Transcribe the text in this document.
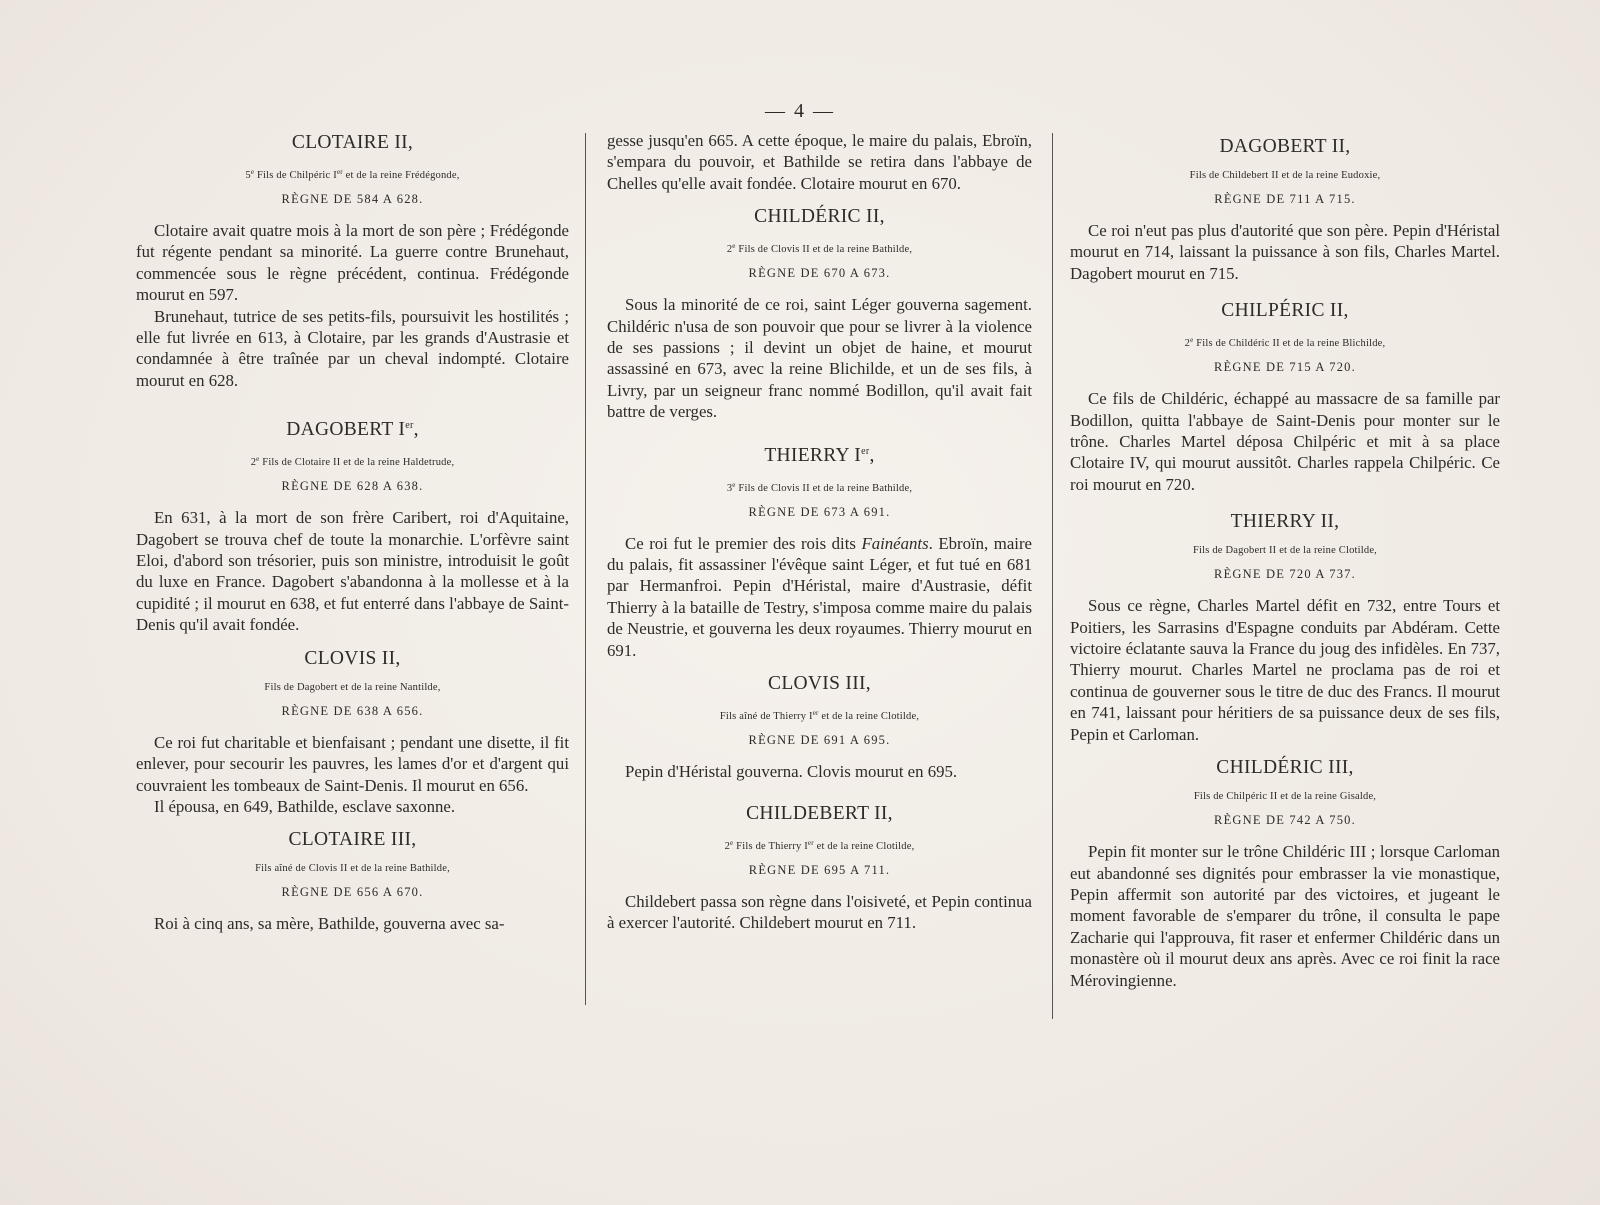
— 4 —
CLOTAIRE II,
5e Fils de Chilpéric Ier et de la reine Frédégonde,
RÈGNE DE 584 A 628.

Clotaire avait quatre mois à la mort de son père ; Frédégonde fut régente pendant sa minorité. La guerre contre Brunehaut, commencée sous le règne précédent, continua. Frédégonde mourut en 597.

Brunehaut, tutrice de ses petits-fils, poursuivit les hostilités ; elle fut livrée en 613, à Clotaire, par les grands d'Austrasie et condamnée à être traînée par un cheval indompté. Clotaire mourut en 628.

DAGOBERT Ier,
2e Fils de Clotaire II et de la reine Haldetrude,
RÈGNE DE 628 A 638.

En 631, à la mort de son frère Caribert, roi d'Aquitaine, Dagobert se trouva chef de toute la monarchie. L'orfèvre saint Eloi, d'abord son trésorier, puis son ministre, introduisit le goût du luxe en France. Dagobert s'abandonna à la mollesse et à la cupidité ; il mourut en 638, et fut enterré dans l'abbaye de Saint-Denis qu'il avait fondée.

CLOVIS II,
Fils de Dagobert et de la reine Nantilde,
RÈGNE DE 638 A 656.

Ce roi fut charitable et bienfaisant ; pendant une disette, il fit enlever, pour secourir les pauvres, les lames d'or et d'argent qui couvraient les tombeaux de Saint-Denis. Il mourut en 656.

Il épousa, en 649, Bathilde, esclave saxonne.

CLOTAIRE III,
Fils aîné de Clovis II et de la reine Bathilde,
RÈGNE DE 656 A 670.

Roi à cinq ans, sa mère, Bathilde, gouverna avec sa-

gesse jusqu'en 665. A cette époque, le maire du palais, Ebroïn, s'empara du pouvoir, et Bathilde se retira dans l'abbaye de Chelles qu'elle avait fondée. Clotaire mourut en 670.

CHILDÉRIC II,
2e Fils de Clovis II et de la reine Bathilde,
RÈGNE DE 670 A 673.

Sous la minorité de ce roi, saint Léger gouverna sagement. Childéric n'usa de son pouvoir que pour se livrer à la violence de ses passions ; il devint un objet de haine, et mourut assassiné en 673, avec la reine Blichilde, et un de ses fils, à Livry, par un seigneur franc nommé Bodillon, qu'il avait fait battre de verges.

THIERRY Ier,
3e Fils de Clovis II et de la reine Bathilde,
RÈGNE DE 673 A 691.

Ce roi fut le premier des rois dits Fainéants. Ebroïn, maire du palais, fit assassiner l'évêque saint Léger, et fut tué en 681 par Hermanfroi. Pepin d'Héristal, maire d'Austrasie, défit Thierry à la bataille de Testry, s'imposa comme maire du palais de Neustrie, et gouverna les deux royaumes. Thierry mourut en 691.

CLOVIS III,
Fils aîné de Thierry Ier et de la reine Clotilde,
RÈGNE DE 691 A 695.

Pepin d'Héristal gouverna. Clovis mourut en 695.

CHILDEBERT II,
2e Fils de Thierry Ier et de la reine Clotilde,
RÈGNE DE 695 A 711.

Childebert passa son règne dans l'oisiveté, et Pepin continua à exercer l'autorité. Childebert mourut en 711.

DAGOBERT II,
Fils de Childebert II et de la reine Eudoxie,
RÈGNE DE 711 A 715.

Ce roi n'eut pas plus d'autorité que son père. Pepin d'Héristal mourut en 714, laissant la puissance à son fils, Charles Martel. Dagobert mourut en 715.

CHILPÉRIC II,
2e Fils de Childéric II et de la reine Blichilde,
RÈGNE DE 715 A 720.

Ce fils de Childéric, échappé au massacre de sa famille par Bodillon, quitta l'abbaye de Saint-Denis pour monter sur le trône. Charles Martel déposa Chilpéric et mit à sa place Clotaire IV, qui mourut aussitôt. Charles rappela Chilpéric. Ce roi mourut en 720.

THIERRY II,
Fils de Dagobert II et de la reine Clotilde,
RÈGNE DE 720 A 737.

Sous ce règne, Charles Martel défit en 732, entre Tours et Poitiers, les Sarrasins d'Espagne conduits par Abdéram. Cette victoire éclatante sauva la France du joug des infidèles. En 737, Thierry mourut. Charles Martel ne proclama pas de roi et continua de gouverner sous le titre de duc des Francs. Il mourut en 741, laissant pour héritiers de sa puissance deux de ses fils, Pepin et Carloman.

CHILDÉRIC III,
Fils de Chilpéric II et de la reine Gisalde,
RÈGNE DE 742 A 750.

Pepin fit monter sur le trône Childéric III ; lorsque Carloman eut abandonné ses dignités pour embrasser la vie monastique, Pepin affermit son autorité par des victoires, et jugeant le moment favorable de s'emparer du trône, il consulta le pape Zacharie qui l'approuva, fit raser et enfermer Childéric dans un monastère où il mourut deux ans après. Avec ce roi finit la race Mérovingienne.
